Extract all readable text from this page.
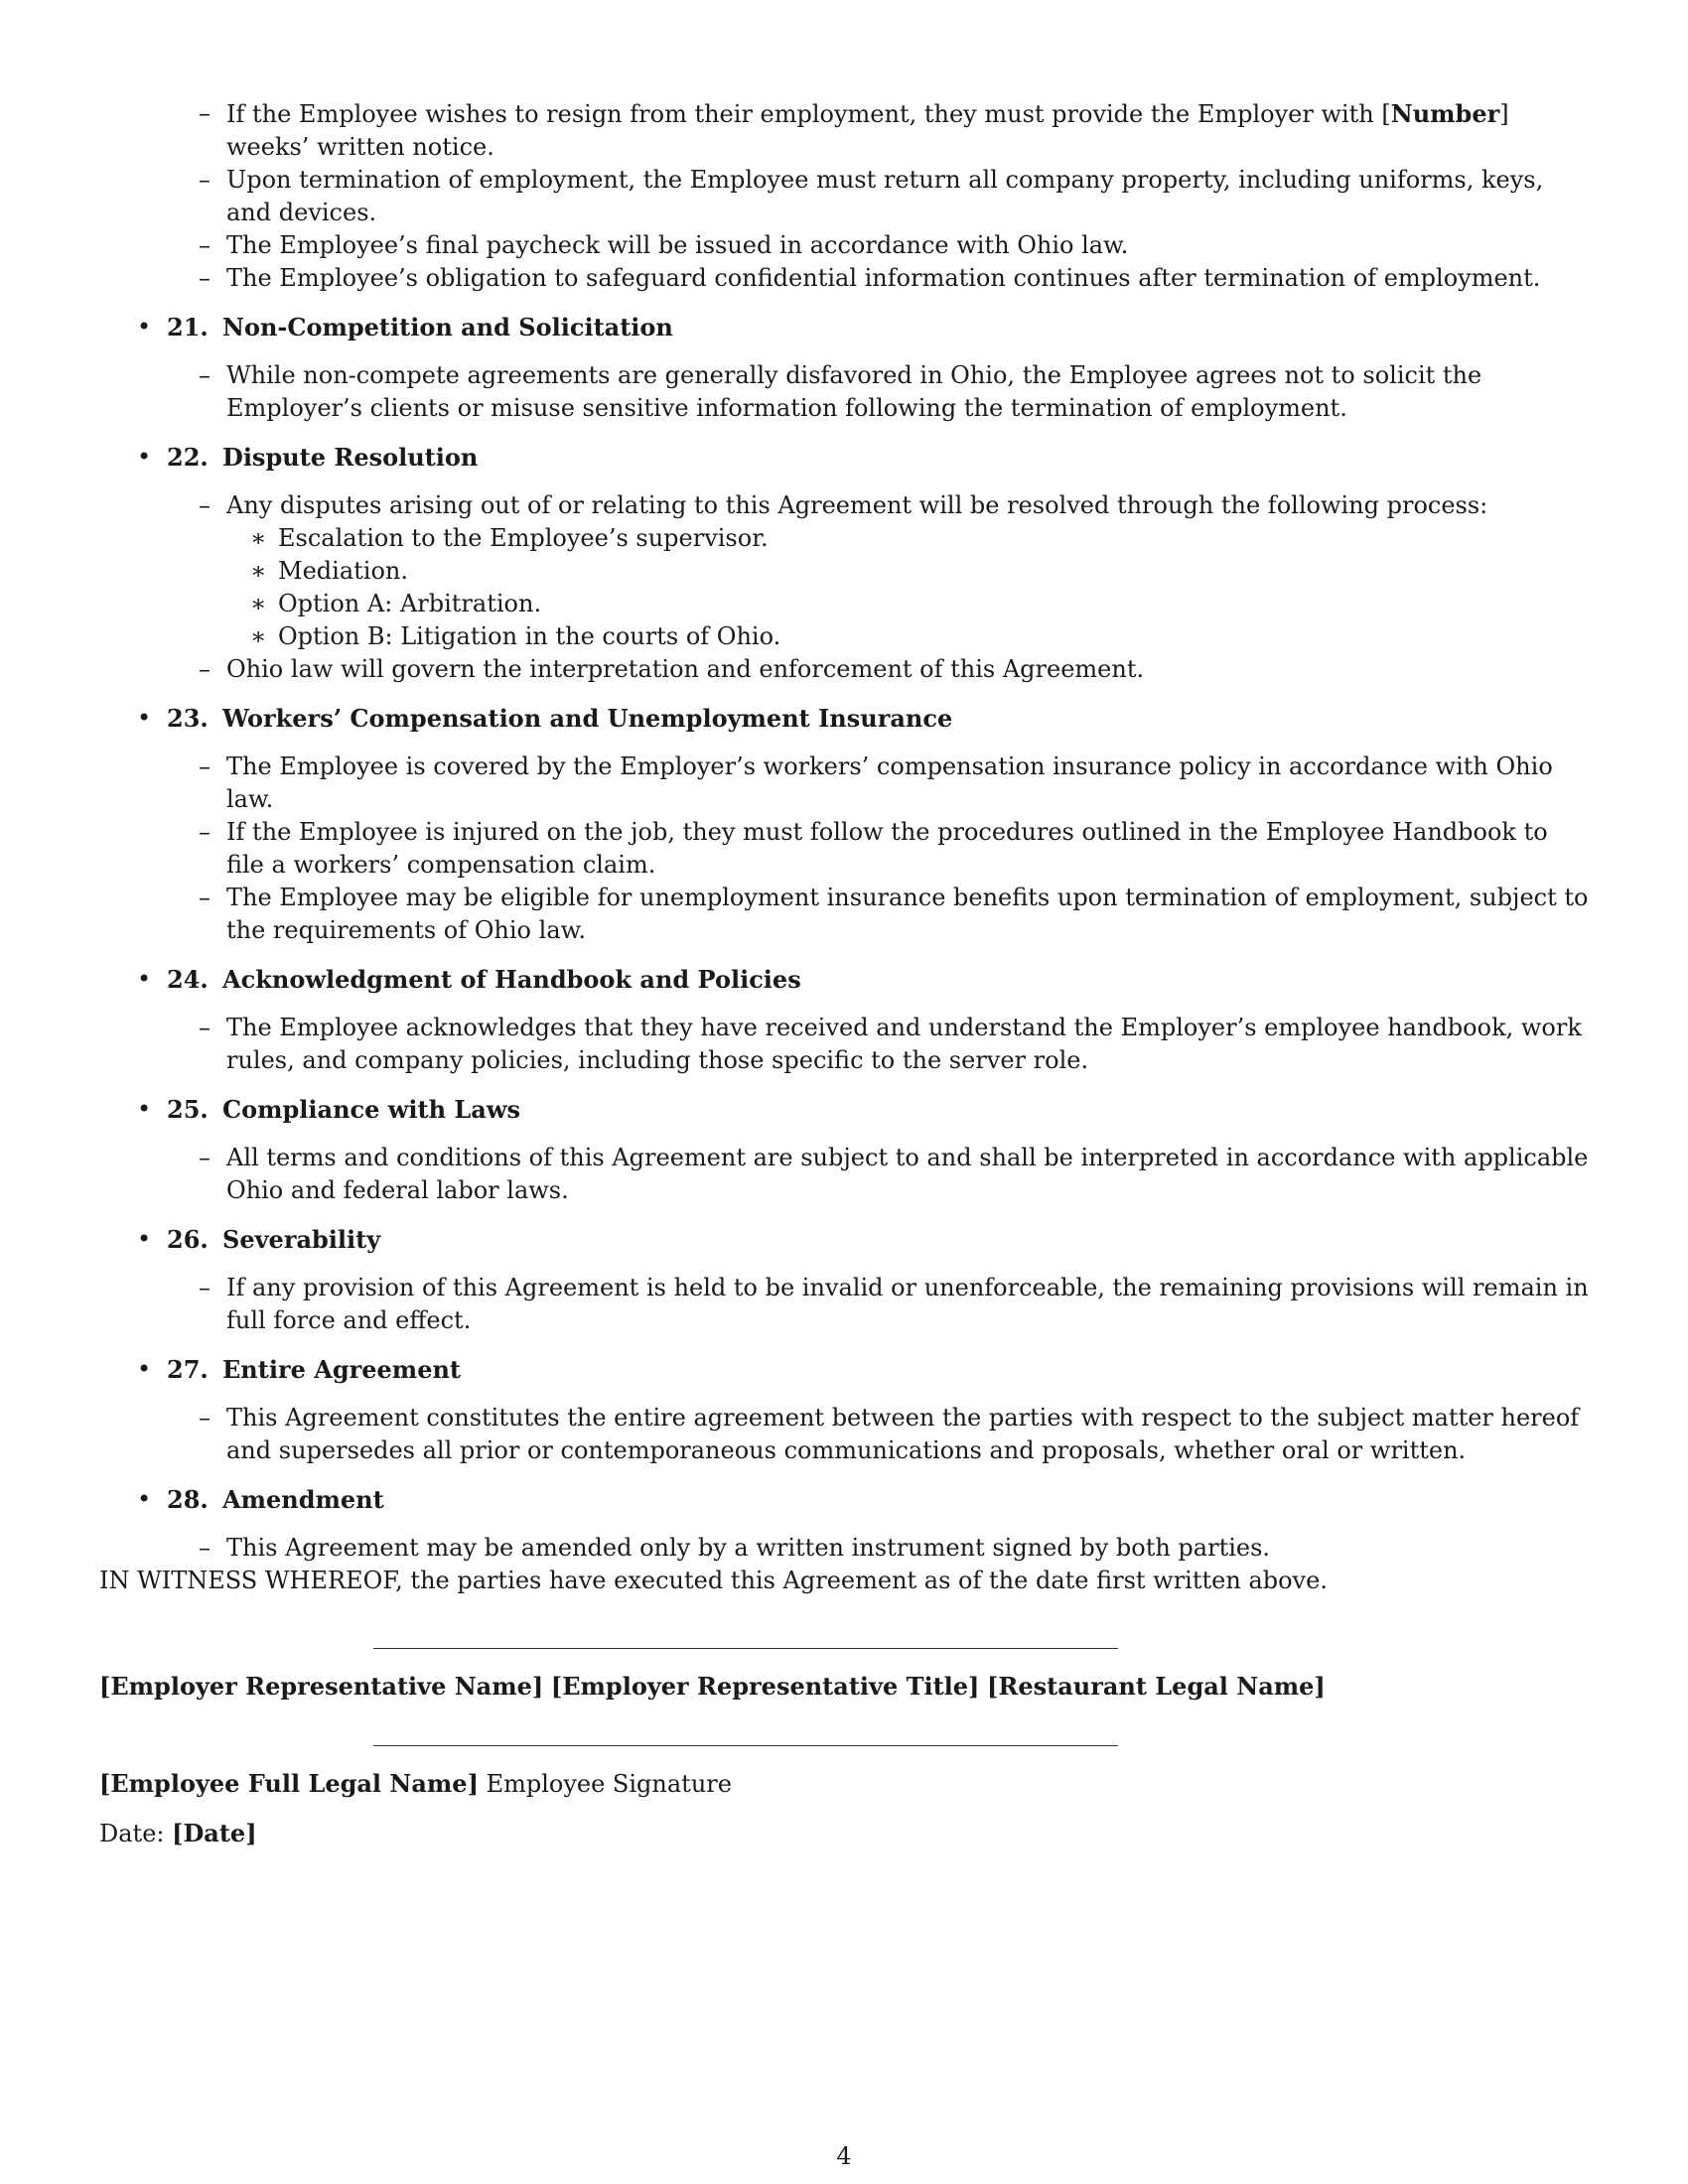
– If the Employee wishes to resign from their employment, they must provide the Employer with [Number] weeks’ written notice.
– Upon termination of employment, the Employee must return all company property, including uniforms, keys, and devices.
– The Employee’s final paycheck will be issued in accordance with Ohio law.
– The Employee’s obligation to safeguard confidential information continues after termination of employment.
• 21. Non-Competition and Solicitation
– While non-compete agreements are generally disfavored in Ohio, the Employee agrees not to solicit the Employer’s clients or misuse sensitive information following the termination of employment.
• 22. Dispute Resolution
– Any disputes arising out of or relating to this Agreement will be resolved through the following process:
∗ Escalation to the Employee’s supervisor.
∗ Mediation.
∗ Option A: Arbitration.
∗ Option B: Litigation in the courts of Ohio.
– Ohio law will govern the interpretation and enforcement of this Agreement.
• 23. Workers’ Compensation and Unemployment Insurance
– The Employee is covered by the Employer’s workers’ compensation insurance policy in accordance with Ohio law.
– If the Employee is injured on the job, they must follow the procedures outlined in the Employee Handbook to file a workers’ compensation claim.
– The Employee may be eligible for unemployment insurance benefits upon termination of employment, subject to the requirements of Ohio law.
• 24. Acknowledgment of Handbook and Policies
– The Employee acknowledges that they have received and understand the Employer’s employee handbook, work rules, and company policies, including those specific to the server role.
• 25. Compliance with Laws
– All terms and conditions of this Agreement are subject to and shall be interpreted in accordance with applicable Ohio and federal labor laws.
• 26. Severability
– If any provision of this Agreement is held to be invalid or unenforceable, the remaining provisions will remain in full force and effect.
• 27. Entire Agreement
– This Agreement constitutes the entire agreement between the parties with respect to the subject matter hereof and supersedes all prior or contemporaneous communications and proposals, whether oral or written.
• 28. Amendment
– This Agreement may be amended only by a written instrument signed by both parties.
IN WITNESS WHEREOF, the parties have executed this Agreement as of the date first written above.
[Employer Representative Name] [Employer Representative Title] [Restaurant Legal Name]
[Employee Full Legal Name] Employee Signature
Date: [Date]
4
